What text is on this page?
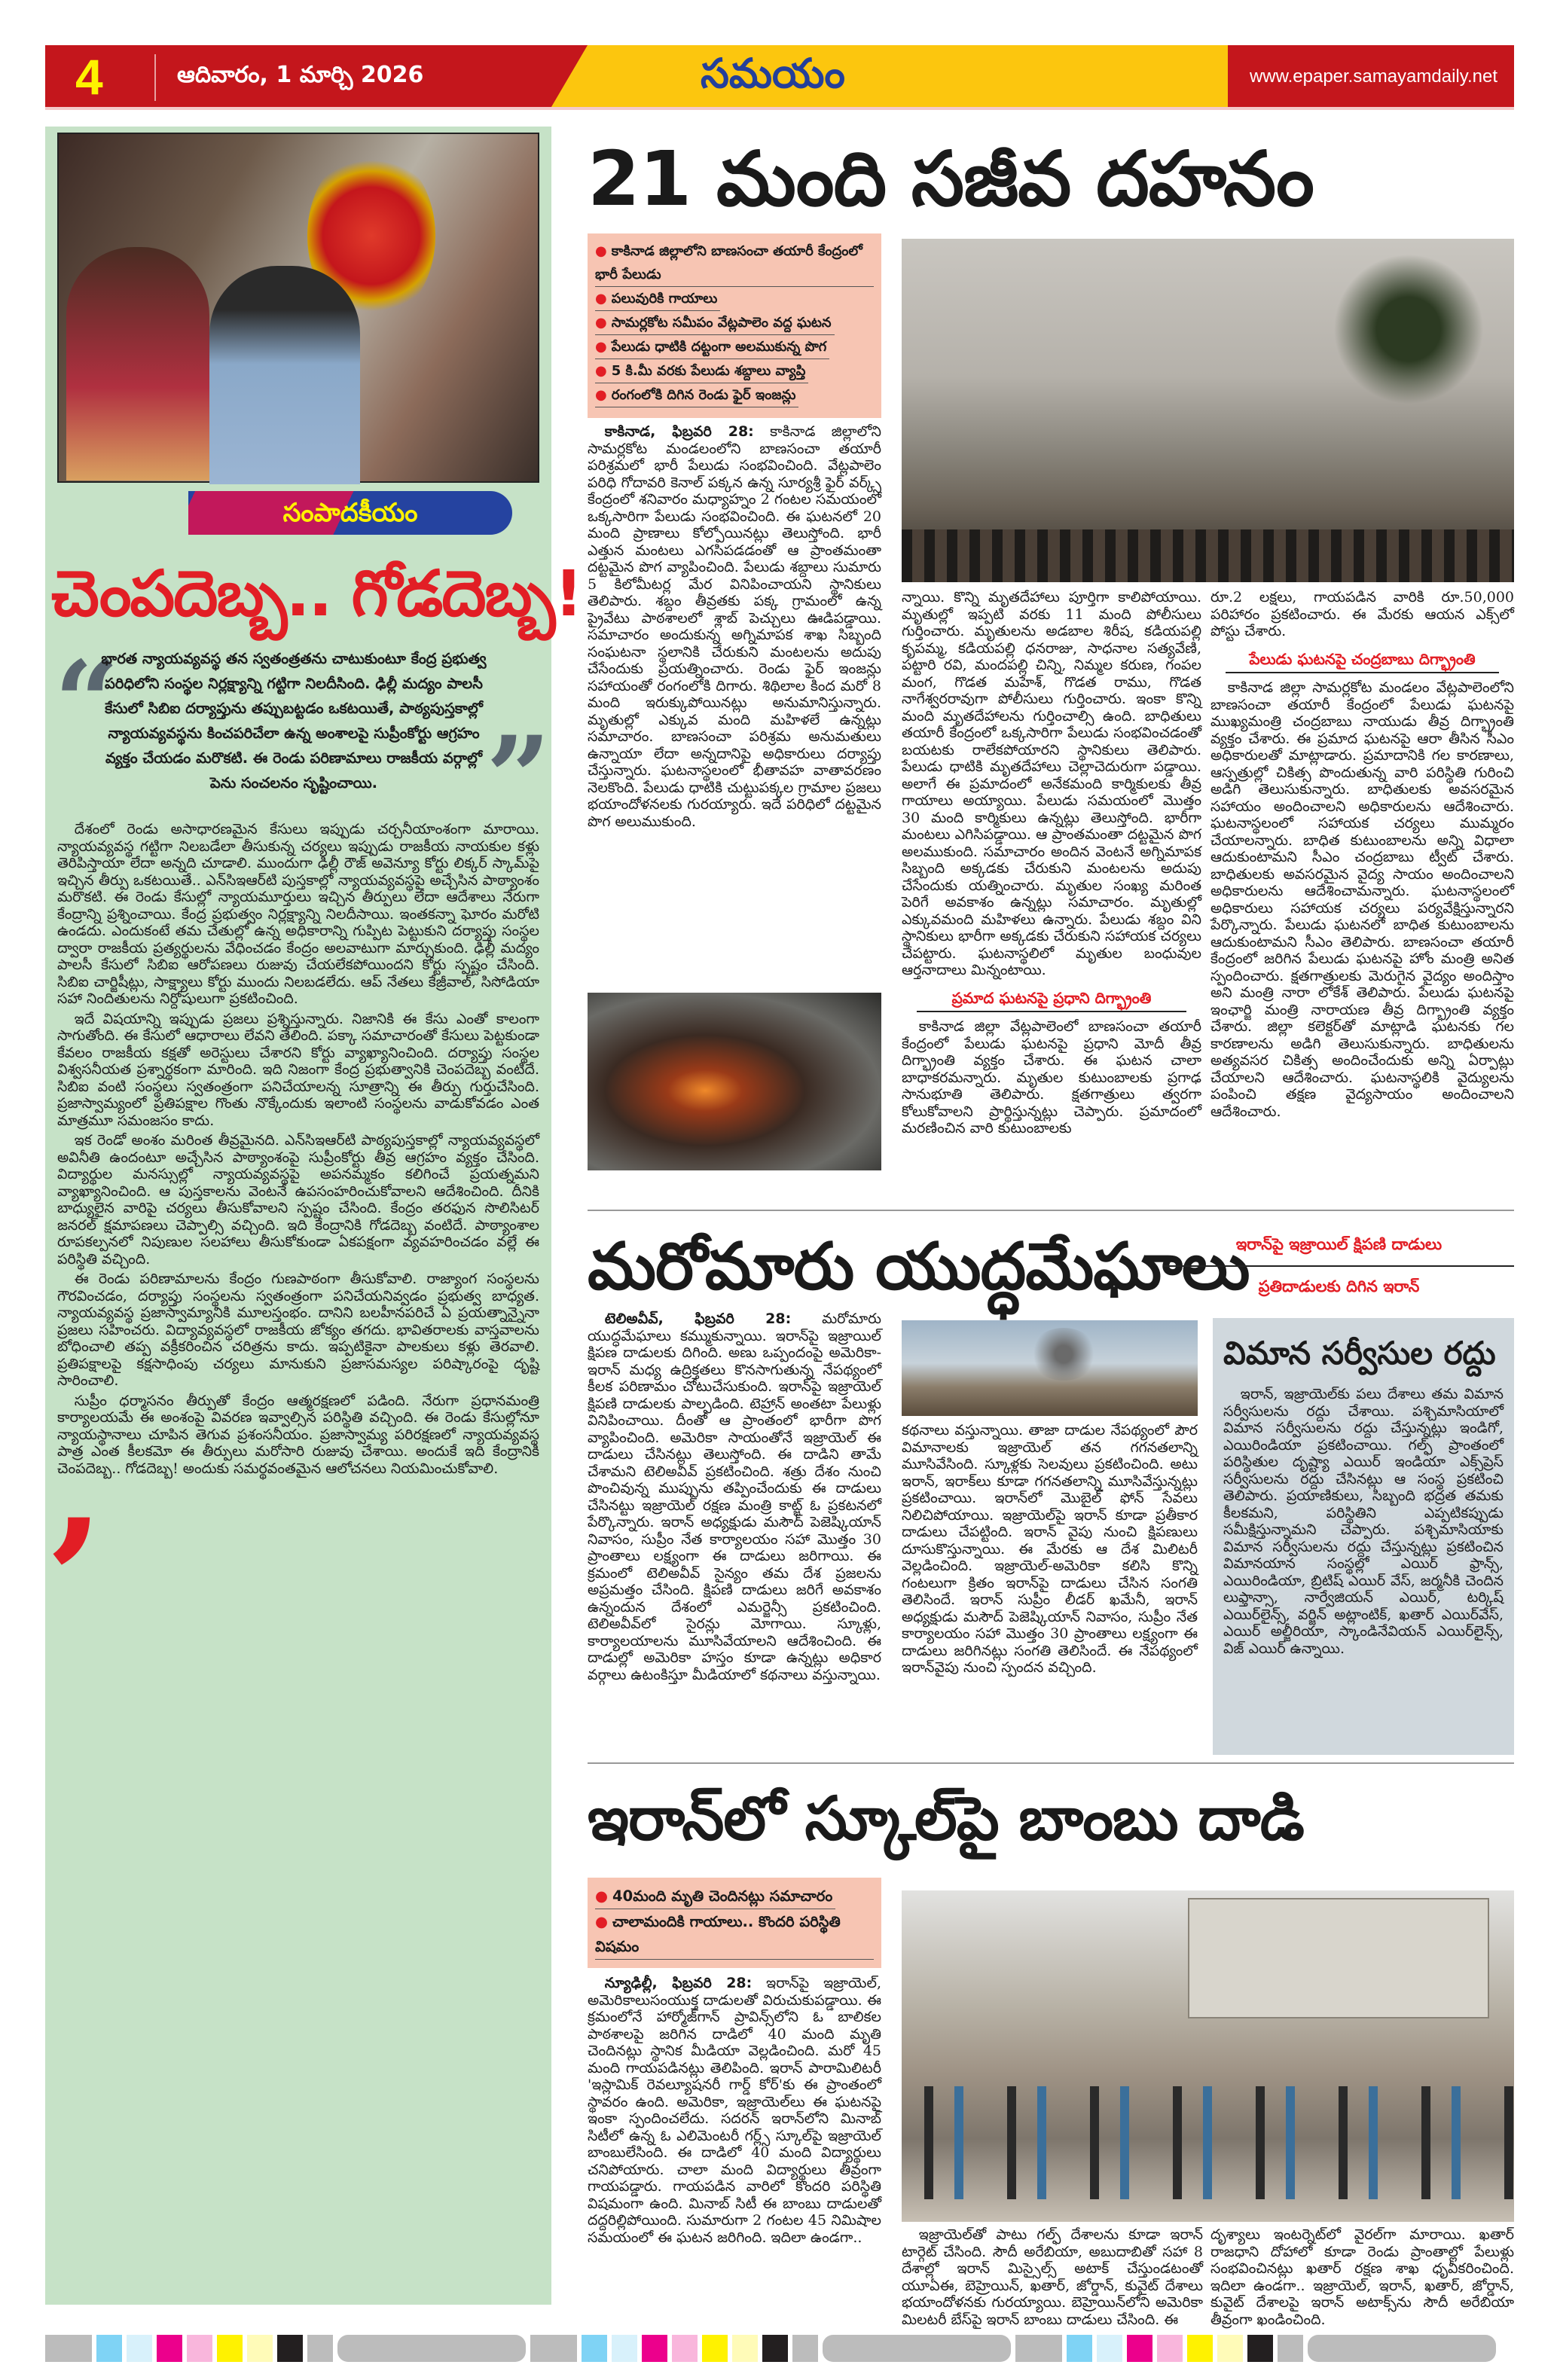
4	ఆదివారం, 1 మార్చి 2026	సమయం	www.epaper.samayamdaily.net
సంపాదకీయం
చెంపదెబ్బ.. గోడదెబ్బ!
“
భారత న్యాయవ్యవస్థ తన స్వతంత్రతను చాటుకుంటూ కేంద్ర ప్రభుత్వ పరిధిలోని సంస్థల నిర్లక్ష్యాన్ని గట్టిగా నిలదీసింది. ఢిల్లీ మద్యం పాలసీ కేసులో సిబిఐ దర్యాప్తును తప్పుబట్టడం ఒకటయితే, పాఠ్యపుస్తకాల్లో న్యాయవ్యవస్థను కించపరిచేలా ఉన్న అంశాలపై సుప్రీంకోర్టు ఆగ్రహం వ్యక్తం చేయడం మరొకటి. ఈ రెండు పరిణామాలు రాజకీయ వర్గాల్లో పెను సంచలనం సృష్టించాయి. ”

దేశంలో రెండు అసాధారణమైన కేసులు ఇప్పుడు చర్చనీయాంశంగా మారాయి. న్యాయవ్యవస్థ గట్టిగా నిలబడేలా తీసుకున్న చర్యలు ఇప్పుడు రాజకీయ నాయకుల కళ్లు తెరిపిస్తాయా లేదా అన్నది చూడాలి. ముందుగా ఢిల్లీ రౌజ్ అవెన్యూ కోర్టు లిక్కర్ స్కామ్‌పై ఇచ్చిన తీర్పు ఒకటయితే.. ఎన్‌సిఇఆర్‌టి పుస్తకాల్లో న్యాయవ్యవస్థపై అచ్చేసిన పాఠ్యాంశం మరొకటి. ఈ రెండు కేసుల్లో న్యాయమూర్తులు ఇచ్చిన తీర్పులు లేదా ఆదేశాలు నేరుగా కేంద్రాన్ని ప్రశ్నించాయి. కేంద్ర ప్రభుత్వం నిర్లక్ష్యాన్ని నిలదీసాయి. ఇంతకన్నా ఘోరం మరోటి ఉండదు. ఎందుకంటే తమ చేతుల్లో ఉన్న అధికారాన్ని గుప్పిట పెట్టుకుని దర్యాప్తు సంస్థల ద్వారా రాజకీయ ప్రత్యర్థులను వేధించడం కేంద్రం అలవాటుగా మార్చుకుంది. ఢిల్లీ మద్యం పాలసీ కేసులో సిబిఐ ఆరోపణలు రుజువు చేయలేకపోయిందని కోర్టు స్పష్టం చేసింది. సిబిఐ చార్జిషీట్లు, సాక్ష్యాలు కోర్టు ముందు నిలబడలేదు. ఆప్ నేతలు కేజ్రీవాల్, సిసోడియా సహా నిందితులను నిర్దోషులుగా ప్రకటించింది.

ఇదే విషయాన్ని ఇప్పుడు ప్రజలు ప్రశ్నిస్తున్నారు. నిజానికి ఈ కేసు ఎంతో కాలంగా సాగుతోంది. ఈ కేసులో ఆధారాలు లేవని తేలింది. పక్కా సమాచారంతో కేసులు పెట్టకుండా కేవలం రాజకీయ కక్షతో అరెస్టులు చేశారని కోర్టు వ్యాఖ్యానించింది. దర్యాప్తు సంస్థల విశ్వసనీయత ప్రశ్నార్థకంగా మారింది. ఇది నిజంగా కేంద్ర ప్రభుత్వానికి చెంపదెబ్బ వంటిదే. సిబిఐ వంటి సంస్థలు స్వతంత్రంగా పనిచేయాలన్న సూత్రాన్ని ఈ తీర్పు గుర్తుచేసింది. ప్రజాస్వామ్యంలో ప్రతిపక్షాల గొంతు నొక్కేందుకు ఇలాంటి సంస్థలను వాడుకోవడం ఎంత మాత్రమూ సమంజసం కాదు.

ఇక రెండో అంశం మరింత తీవ్రమైనది. ఎన్‌సిఇఆర్‌టి పాఠ్యపుస్తకాల్లో న్యాయవ్యవస్థలో అవినీతి ఉందంటూ అచ్చేసిన పాఠ్యాంశంపై సుప్రీంకోర్టు తీవ్ర ఆగ్రహం వ్యక్తం చేసింది. విద్యార్థుల మనస్సుల్లో న్యాయవ్యవస్థపై అపనమ్మకం కలిగించే ప్రయత్నమని వ్యాఖ్యానించింది. ఆ పుస్తకాలను వెంటనే ఉపసంహరించుకోవాలని ఆదేశించింది. దీనికి బాధ్యులైన వారిపై చర్యలు తీసుకోవాలని స్పష్టం చేసింది. కేంద్రం తరఫున సొలిసిటర్ జనరల్ క్షమాపణలు చెప్పాల్సి వచ్చింది. ఇది కేంద్రానికి గోడదెబ్బ వంటిదే. పాఠ్యాంశాల రూపకల్పనలో నిపుణుల సలహాలు తీసుకోకుండా ఏకపక్షంగా వ్యవహరించడం వల్లే ఈ పరిస్థితి వచ్చింది.

ఈ రెండు పరిణామాలను కేంద్రం గుణపాఠంగా తీసుకోవాలి. రాజ్యాంగ సంస్థలను గౌరవించడం, దర్యాప్తు సంస్థలను స్వతంత్రంగా పనిచేయనివ్వడం ప్రభుత్వ బాధ్యత. న్యాయవ్యవస్థ ప్రజాస్వామ్యానికి మూలస్తంభం. దానిని బలహీనపరిచే ఏ ప్రయత్నాన్నైనా ప్రజలు సహించరు. విద్యావ్యవస్థలో రాజకీయ జోక్యం తగదు. భావితరాలకు వాస్తవాలను బోధించాలి తప్ప వక్రీకరించిన చరిత్రను కాదు. ఇప్పటికైనా పాలకులు కళ్లు తెరవాలి. ప్రతిపక్షాలపై కక్షసాధింపు చర్యలు మానుకుని ప్రజాసమస్యల పరిష్కారంపై దృష్టి సారించాలి.

సుప్రీం ధర్మాసనం తీర్పుతో కేంద్రం ఆత్మరక్షణలో పడింది. నేరుగా ప్రధానమంత్రి కార్యాలయమే ఈ అంశంపై వివరణ ఇవ్వాల్సిన పరిస్థితి వచ్చింది. ఈ రెండు కేసుల్లోనూ న్యాయస్థానాలు చూపిన తెగువ ప్రశంసనీయం. ప్రజాస్వామ్య పరిరక్షణలో న్యాయవ్యవస్థ పాత్ర ఎంత కీలకమో ఈ తీర్పులు మరోసారి రుజువు చేశాయి. అందుకే ఇది కేంద్రానికి చెంపదెబ్బ.. గోడదెబ్బ! అందుకు సమర్థవంతమైన ఆలోచనలు నియమించుకోవాలి.

’
21 మంది సజీవ దహనం
● కాకినాడ జిల్లాలోని బాణసంచా తయారీ కేంద్రంలో భారీ పేలుడు
● పలువురికి గాయాలు
● సామర్లకోట సమీపం వేట్లపాలెం వద్ద ఘటన
● పేలుడు ధాటికి దట్టంగా అలముకున్న పొగ
● 5 కి.మీ వరకు పేలుడు శబ్దాలు వ్యాప్తి
● రంగంలోకి దిగిన రెండు ఫైర్ ఇంజన్లు

కాకినాడ, ఫిబ్రవరి 28: కాకినాడ జిల్లాలోని సామర్లకోట మండలంలోని బాణసంచా తయారీ పరిశ్రమలో భారీ పేలుడు సంభవించింది. వేట్లపాలెం పరిధి గోదావరి కెనాల్ పక్కన ఉన్న సూర్యశ్రీ ఫైర్ వర్క్స్ కేంద్రంలో శనివారం మధ్యాహ్నం 2 గంటల సమయంలో ఒక్కసారిగా పేలుడు సంభవించింది. ఈ ఘటనలో 20 మంది ప్రాణాలు కోల్పోయినట్లు తెలుస్తోంది. భారీ ఎత్తున మంటలు ఎగసిపడడంతో ఆ ప్రాంతమంతా దట్టమైన పొగ వ్యాపించింది. పేలుడు శబ్దాలు సుమారు 5 కిలోమీటర్ల మేర వినిపించాయని స్థానికులు తెలిపారు. శబ్దం తీవ్రతకు పక్క గ్రామంలో ఉన్న ప్రైవేటు పాఠశాలలో శ్లాబ్ పెచ్చులు ఊడిపడ్డాయి. సమాచారం అందుకున్న అగ్నిమాపక శాఖ సిబ్బంది సంఘటనా స్థలానికి చేరుకుని మంటలను అదుపు చేసేందుకు ప్రయత్నించారు. రెండు ఫైర్ ఇంజన్లు సహాయంతో రంగంలోకి దిగారు. శిథిలాల కింద మరో 8 మంది ఇరుక్కుపోయినట్లు అనుమానిస్తున్నారు. మృతుల్లో ఎక్కువ మంది మహిళలే ఉన్నట్లు సమాచారం. బాణసంచా పరిశ్రమ అనుమతులు ఉన్నాయా లేదా అన్నదానిపై అధికారులు దర్యాప్తు చేస్తున్నారు. ఘటనాస్థలంలో భీతావహ వాతావరణం నెలకొంది. పేలుడు ధాటికి చుట్టుపక్కల గ్రామాల ప్రజలు భయాందోళనలకు గురయ్యారు. ఇదే పరిధిలో దట్టమైన పొగ అలుముకుంది.

న్నాయి. కొన్ని మృతదేహాలు పూర్తిగా కాలిపోయాయి. మృతుల్లో ఇప్పటి వరకు 11 మంది పోలీసులు గుర్తించారు. మృతులను అడబాల శిరీష, కడియపల్లి కృపమ్మ, కడియపల్లి ధనరాజు, సాధనాల సత్యవేణి, పట్టారి రవి, మందపల్లి చిన్ని, నిమ్మల కరుణ, గంపల మంగ, గొడత మహేశ్, గొడత రాము, గొడత నాగేశ్వరరావుగా పోలీసులు గుర్తించారు. ఇంకా కొన్ని మంది మృతదేహాలను గుర్తించాల్సి ఉంది. బాధితులు తయారీ కేంద్రంలో ఒక్కసారిగా పేలుడు సంభవించడంతో బయటకు రాలేకపోయారని స్థానికులు తెలిపారు. పేలుడు ధాటికి మృతదేహాలు చెల్లాచెదురుగా పడ్డాయి. అలాగే ఈ ప్రమాదంలో అనేకమంది కార్మికులకు తీవ్ర గాయాలు అయ్యాయి. పేలుడు సమయంలో మొత్తం 30 మంది కార్మికులు ఉన్నట్లు తెలుస్తోంది. భారీగా మంటలు ఎగిసిపడ్డాయి. ఆ ప్రాంతమంతా దట్టమైన పొగ అలముకుంది. సమాచారం అందిన వెంటనే అగ్నిమాపక సిబ్బంది అక్కడకు చేరుకుని మంటలను అదుపు చేసేందుకు యత్నించారు. మృతుల సంఖ్య మరింత పెరిగే అవకాశం ఉన్నట్లు సమాచారం. మృతుల్లో ఎక్కువమంది మహిళలు ఉన్నారు. పేలుడు శబ్దం విని స్థానికులు భారీగా అక్కడకు చేరుకుని సహాయక చర్యలు చేపట్టారు. ఘటనాస్థలిలో మృతుల బంధువుల ఆర్తనాదాలు మిన్నంటాయి.

ప్రమాద ఘటనపై ప్రధాని దిగ్భ్రాంతి

కాకినాడ జిల్లా వేట్లపాలెంలో బాణసంచా తయారీ కేంద్రంలో పేలుడు ఘటనపై ప్రధాని మోదీ తీవ్ర దిగ్భ్రాంతి వ్యక్తం చేశారు. ఈ ఘటన చాలా బాధాకరమన్నారు. మృతుల కుటుంబాలకు ప్రగాఢ సానుభూతి తెలిపారు. క్షతగాత్రులు త్వరగా కోలుకోవాలని ప్రార్థిస్తున్నట్లు చెప్పారు. ప్రమాదంలో మరణించిన వారి కుటుంబాలకు

రూ.2 లక్షలు, గాయపడిన వారికి రూ.50,000 పరిహారం ప్రకటించారు. ఈ మేరకు ఆయన ఎక్స్‌లో పోస్టు చేశారు.

పేలుడు ఘటనపై చంద్రబాబు దిగ్భ్రాంతి

కాకినాడ జిల్లా సామర్లకోట మండలం వేట్లపాలెంలోని బాణసంచా తయారీ కేంద్రంలో పేలుడు ఘటనపై ముఖ్యమంత్రి చంద్రబాబు నాయుడు తీవ్ర దిగ్భ్రాంతి వ్యక్తం చేశారు. ఈ ప్రమాద ఘటనపై ఆరా తీసిన సీఎం అధికారులతో మాట్లాడారు. ప్రమాదానికి గల కారణాలు, ఆస్పత్రుల్లో చికిత్స పొందుతున్న వారి పరిస్థితి గురించి అడిగి తెలుసుకున్నారు. బాధితులకు అవసరమైన సహాయం అందించాలని అధికారులను ఆదేశించారు. ఘటనాస్థలంలో సహాయక చర్యలు ముమ్మరం చేయాలన్నారు. బాధిత కుటుంబాలను అన్ని విధాలా ఆదుకుంటామని సీఎం చంద్రబాబు ట్వీట్ చేశారు. బాధితులకు అవసరమైన వైద్య సాయం అందించాలని అధికారులను ఆదేశించామన్నారు. ఘటనాస్థలంలో అధికారులు సహాయక చర్యలు పర్యవేక్షిస్తున్నారని పేర్కొన్నారు. పేలుడు ఘటనలో బాధిత కుటుంబాలను ఆదుకుంటామని సీఎం తెలిపారు. బాణసంచా తయారీ కేంద్రంలో జరిగిన పేలుడు ఘటనపై హోం మంత్రి అనిత స్పందించారు. క్షతగాత్రులకు మెరుగైన వైద్యం అందిస్తాం అని మంత్రి నారా లోకేశ్ తెలిపారు. పేలుడు ఘటనపై ఇంఛార్జి మంత్రి నారాయణ తీవ్ర దిగ్భ్రాంతి వ్యక్తం చేశారు. జిల్లా కలెక్టర్‌తో మాట్లాడి ఘటనకు గల కారణాలను అడిగి తెలుసుకున్నారు. బాధితులను అత్యవసర చికిత్స అందించేందుకు అన్ని ఏర్పాట్లు చేయాలని ఆదేశించారు. ఘటనాస్థలికి వైద్యులను పంపించి తక్షణ వైద్యసాయం అందించాలని ఆదేశించారు.

మరోమారు యుద్ధమేఘాలు
ఇరాన్‌పై ఇజ్రాయిల్ క్షిపణి దాడులు
ప్రతిదాడులకు దిగిన ఇరాన్

టెలిఅవీవ్, ఫిబ్రవరి 28: మరోమారు యుద్ధమేఘాలు కమ్ముకున్నాయి. ఇరాన్‌పై ఇజ్రాయిల్ క్షిపణ దాడులకు దిగింది. అణు ఒప్పందంపై అమెరికా-ఇరాన్ మధ్య ఉద్రిక్తతలు కొనసాగుతున్న నేపథ్యంలో కీలక పరిణామం చోటుచేసుకుంది. ఇరాన్‌పై ఇజ్రాయెల్ క్షిపణి దాడులకు పాల్పడింది. టెహ్రాన్ అంతటా పేలుళ్లు వినిపించాయి. దీంతో ఆ ప్రాంతంలో భారీగా పొగ వ్యాపించింది. అమెరికా సాయంతోనే ఇజ్రాయెల్ ఈ దాడులు చేసినట్లు తెలుస్తోంది. ఈ దాడిని తామే చేశామని టెలిఅవీవ్ ప్రకటించింది. శత్రు దేశం నుంచి పొంచివున్న ముప్పును తప్పించేందుకు ఈ దాడులు చేసినట్టు ఇజ్రాయెల్ రక్షణ మంత్రి కాట్జ్ ఓ ప్రకటనలో పేర్కొన్నారు. ఇరాన్ అధ్యక్షుడు మసౌద్ పెజెష్కియాన్ నివాసం, సుప్రీం నేత కార్యాలయం సహా మొత్తం 30 ప్రాంతాలు లక్ష్యంగా ఈ దాడులు జరిగాయి. ఈ క్రమంలో టెలిఅవీవ్ సైన్యం తమ దేశ ప్రజలను అప్రమత్తం చేసింది. క్షిపణి దాడులు జరిగే అవకాశం ఉన్నందున దేశంలో ఎమర్జెన్సీ ప్రకటించింది. టెలిఅవీవ్‌లో సైరన్లు మోగాయి. స్కూళ్లు, కార్యాలయాలను మూసివేయాలని ఆదేశించింది. ఈ దాడుల్లో అమెరికా హస్తం కూడా ఉన్నట్లు అధికార వర్గాలు ఉటంకిస్తూ మీడియాలో కథనాలు వస్తున్నాయి.

కథనాలు వస్తున్నాయి. తాజా దాడుల నేపథ్యంలో పౌర విమానాలకు ఇజ్రాయెల్ తన గగనతలాన్ని మూసివేసింది. స్కూళ్లకు సెలవులు ప్రకటించింది. అటు ఇరాన్, ఇరాక్‌లు కూడా గగనతలాన్ని మూసివేస్తున్నట్లు ప్రకటించాయి. ఇరాన్‌లో మొబైల్ ఫోన్ సేవలు నిలిచిపోయాయి. ఇజ్రాయెల్‌పై ఇరాన్ కూడా ప్రతీకార దాడులు చేపట్టింది. ఇరాన్ వైపు నుంచి క్షిపణులు దూసుకొస్తున్నాయి. ఈ మేరకు ఆ దేశ మిలిటరీ వెల్లడించింది. ఇజ్రాయెల్-అమెరికా కలిసి కొన్ని గంటలుగా క్రితం ఇరాన్‌పై దాడులు చేసిన సంగతి తెలిసిందే. ఇరాన్ సుప్రీం లీడర్ ఖమేనీ, ఇరాన్ అధ్యక్షుడు మసౌద్ పెజెష్కియాన్ నివాసం, సుప్రీం నేత కార్యాలయం సహా మొత్తం 30 ప్రాంతాలు లక్ష్యంగా ఈ దాడులు జరిగినట్లు సంగతి తెలిసిందే. ఈ నేపథ్యంలో ఇరాన్‌వైపు నుంచి స్పందన వచ్చింది.

విమాన సర్వీసుల రద్దు

ఇరాన్, ఇజ్రాయెల్‌కు పలు దేశాలు తమ విమాన సర్వీసులను రద్దు చేశాయి. పశ్చిమాసియాలో విమాన సర్వీసులను రద్దు చేస్తున్నట్లు ఇండిగో, ఎయిరిండియా ప్రకటించాయి. గల్ఫ్ ప్రాంతంలో పరిస్థితుల దృష్ట్యా ఎయిర్ ఇండియా ఎక్స్‌ప్రెస్ సర్వీసులను రద్దు చేసినట్లు ఆ సంస్థ ప్రకటించి తెలిపారు. ప్రయాణికులు, సిబ్బంది భద్రత తమకు కీలకమని, పరిస్థితిని ఎప్పటికప్పుడు సమీక్షిస్తున్నామని చెప్పారు. పశ్చిమాసియాకు విమాన సర్వీసులను రద్దు చేస్తున్నట్లు ప్రకటించిన విమానయాన సంస్థల్లో ఎయిర్ ఫ్రాన్స్, ఎయిరిండియా, బ్రిటిష్ ఎయిర్ వేస్, జర్మనీకి చెందిన లుఫ్తాన్సా, నార్వేజియన్ ఎయిర్, టర్కిష్ ఎయిర్‌లైన్స్, వర్జిన్ అట్లాంటిక్, ఖతార్ ఎయిర్‌వేస్, ఎయిర్ అల్జీరియా, స్కాండినేవియన్ ఎయిర్‌లైన్స్, విజ్ ఎయిర్ ఉన్నాయి.

ఇరాన్‌లో స్కూల్‌పై బాంబు దాడి
● 40మంది మృతి చెందినట్లు సమాచారం
● చాలామందికి గాయాలు.. కొందరి పరిస్థితి విషమం

న్యూఢిల్లీ, ఫిబ్రవరి 28: ఇరాన్‌పై ఇజ్రాయెల్, అమెరికాలుసంయుక్త దాడులతో విరుచుకుపడ్డాయి. ఈ క్రమంలోనే హార్మోజ్‌గాన్ ప్రావిన్స్‌లోని ఓ బాలికల పాఠశాలపై జరిగిన దాడిలో 40 మంది మృతి చెందినట్లు స్థానిక మీడియా వెల్లడించింది. మరో 45 మంది గాయపడినట్లు తెలిపింది. ఇరాన్ పారామిలిటరీ 'ఇస్లామిక్ రెవల్యూషనరీ గార్డ్ కోర్'కు ఈ ప్రాంతంలో స్థావరం ఉంది. అమెరికా, ఇజ్రాయెల్‌లు ఈ ఘటనపై ఇంకా స్పందించలేదు. సదరన్ ఇరాన్‌లోని మినాబ్ సిటీలో ఉన్న ఓ ఎలిమెంటరీ గర్ల్స్ స్కూల్‌పై ఇజ్రాయెల్ బాంబులేసింది. ఈ దాడిలో 40 మంది విద్యార్థులు చనిపోయారు. చాలా మంది విద్యార్థులు తీవ్రంగా గాయపడ్డారు. గాయపడిన వారిలో కొందరి పరిస్థితి విషమంగా ఉంది. మినాబ్ సిటీ ఈ బాంబు దాడులతో దద్దరిల్లిపోయింది. సుమారుగా 2 గంటల 45 నిమిషాల సమయంలో ఈ ఘటన జరిగింది. ఇదిలా ఉండగా..	ఇజ్రాయెల్‌తో పాటు గల్ఫ్ దేశాలను కూడా ఇరాన్ టార్గెట్ చేసింది. సౌదీ అరేబియా, అబుదాబితో సహా 8 దేశాల్లో ఇరాన్ మిస్సైల్స్ అటాక్ చేస్తుండటంతో యూఏఈ, బెహ్రెయిన్, ఖతార్, జోర్డాన్, కువైట్ దేశాలు భయాందోళనకు గురయ్యాయి. బెహ్రెయిన్‌లోని అమెరికా మిలటరీ బేస్‌పై ఇరాన్ బాంబు దాడులు చేసింది. ఈ

దృశ్యాలు ఇంటర్నెట్‌లో వైరల్‌గా మారాయి. ఖతార్ రాజధాని దోహాలో కూడా రెండు ప్రాంతాల్లో పేలుళ్లు సంభవించినట్లు ఖతార్ రక్షణ శాఖ ధృవీకరించింది. ఇదిలా ఉండగా.. ఇజ్రాయెల్, ఇరాన్, ఖతార్, జోర్డాన్, కువైట్ దేశాలపై ఇరాన్ అటాక్స్‌ను సౌదీ అరేబియా తీవ్రంగా ఖండించింది.
